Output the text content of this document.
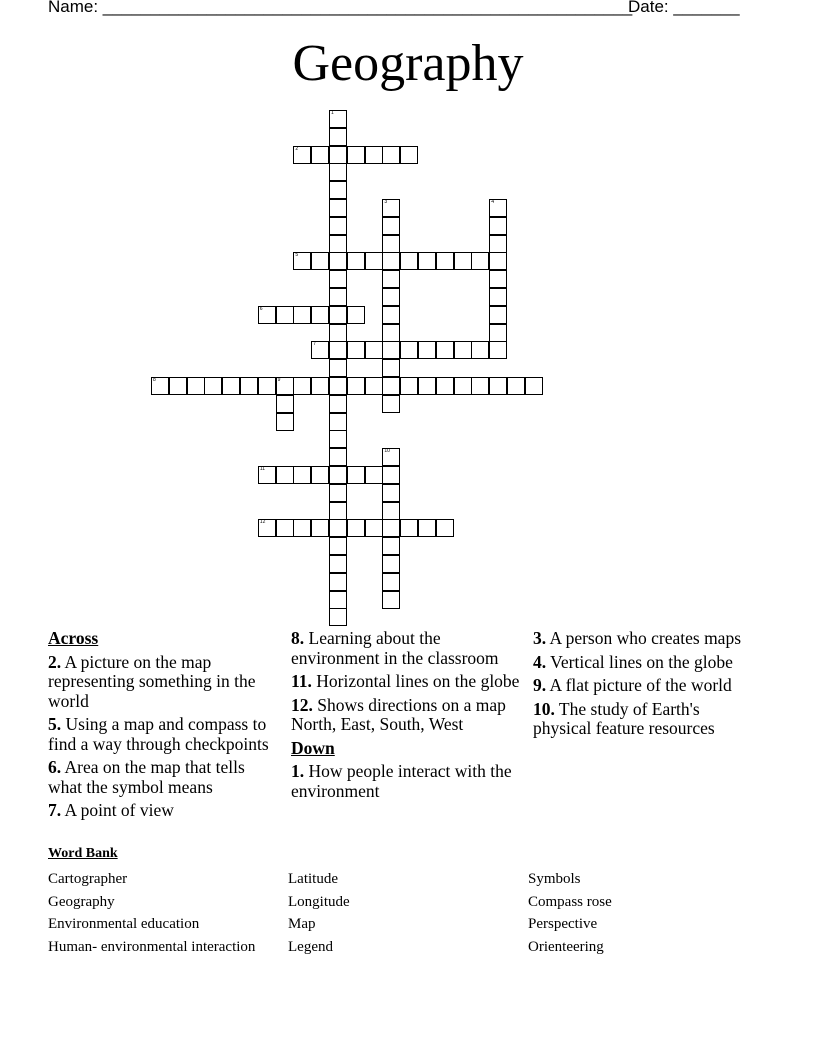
Name: ________________________________________________________
Date: _______
Geography
1
2
3	4
5
6
7
8	9
10
11
12
Across
2. A picture on the map representing something in the world
5. Using a map and compass to find a way through checkpoints
6. Area on the map that tells what the symbol means
7. A point of view
8. Learning about the environment in the classroom
11. Horizontal lines on the globe
12. Shows directions on a map North, East, South, West
Down
1. How people interact with the environment
3. A person who creates maps
4. Vertical lines on the globe
9. A flat picture of the world
10. The study of Earth's physical feature resources
Word Bank
Cartographer
Geography
Environmental education
Human- environmental interaction
Latitude
Longitude
Map
Legend
Symbols
Compass rose
Perspective
Orienteering
